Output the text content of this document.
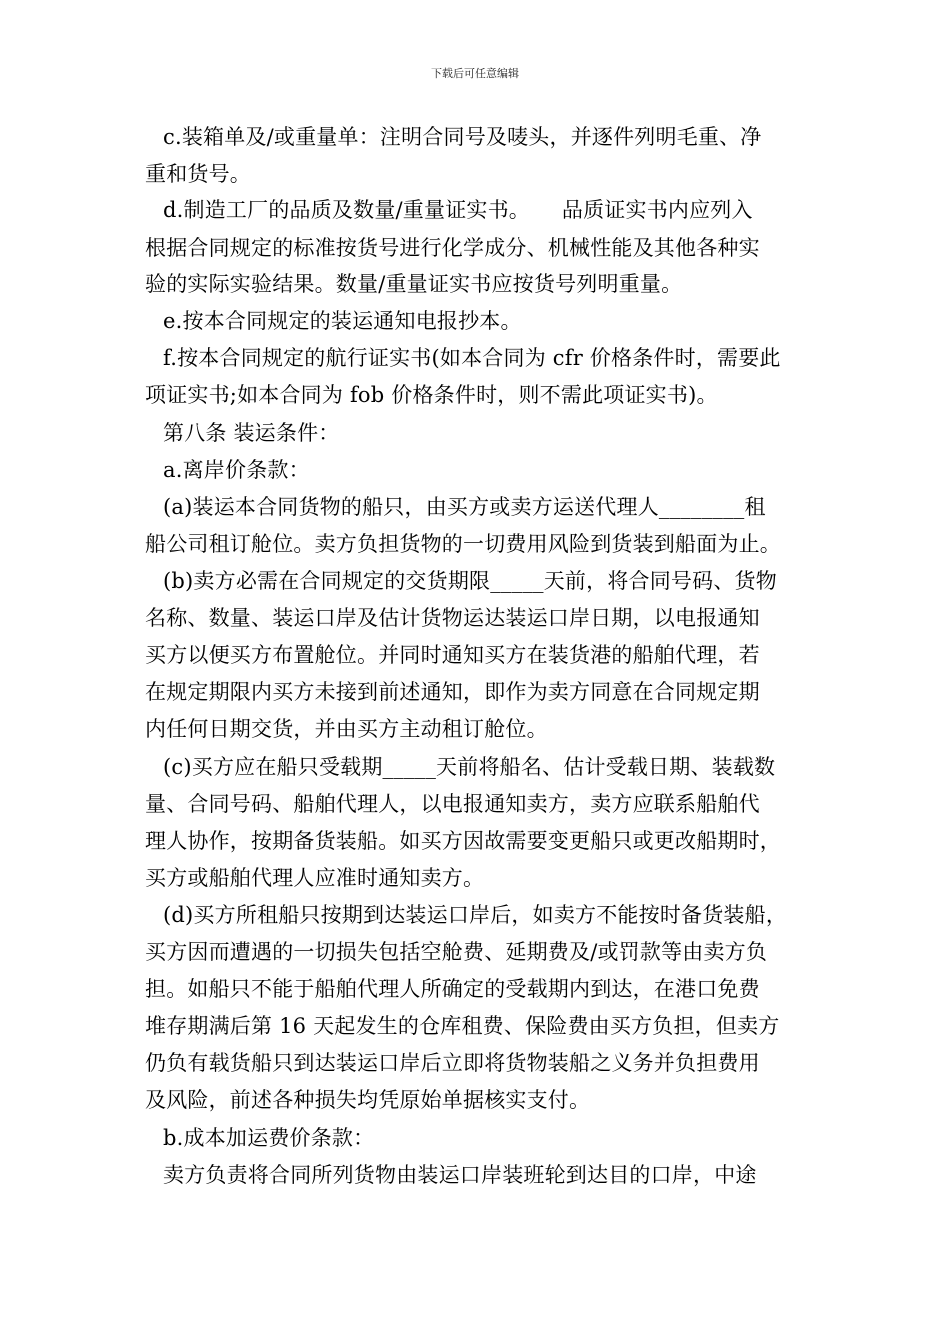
下载后可任意编辑
c.装箱单及/或重量单：注明合同号及唛头，并逐件列明毛重、净
重和货号。
d.制造工厂的品质及数量/重量证实书。　　品质证实书内应列入
根据合同规定的标准按货号进行化学成分、机械性能及其他各种实
验的实际实验结果。数量/重量证实书应按货号列明重量。
e.按本合同规定的装运通知电报抄本。
f.按本合同规定的航行证实书(如本合同为 cfr 价格条件时，需要此
项证实书;如本合同为 fob 价格条件时，则不需此项证实书)。
第八条 装运条件：
a.离岸价条款：
(a)装运本合同货物的船只，由买方或卖方运送代理人________租
船公司租订舱位。卖方负担货物的一切费用风险到货装到船面为止。
(b)卖方必需在合同规定的交货期限_____天前，将合同号码、货物
名称、数量、装运口岸及估计货物运达装运口岸日期，以电报通知
买方以便买方布置舱位。并同时通知买方在装货港的船舶代理，若
在规定期限内买方未接到前述通知，即作为卖方同意在合同规定期
内任何日期交货，并由买方主动租订舱位。
(c)买方应在船只受载期_____天前将船名、估计受载日期、装载数
量、合同号码、船舶代理人，以电报通知卖方，卖方应联系船舶代
理人协作，按期备货装船。如买方因故需要变更船只或更改船期时，
买方或船舶代理人应准时通知卖方。
(d)买方所租船只按期到达装运口岸后，如卖方不能按时备货装船，
买方因而遭遇的一切损失包括空舱费、延期费及/或罚款等由卖方负
担。如船只不能于船舶代理人所确定的受载期内到达，在港口免费
堆存期满后第 16 天起发生的仓库租费、保险费由买方负担，但卖方
仍负有载货船只到达装运口岸后立即将货物装船之义务并负担费用
及风险，前述各种损失均凭原始单据核实支付。
b.成本加运费价条款：
卖方负责将合同所列货物由装运口岸装班轮到达目的口岸，中途
